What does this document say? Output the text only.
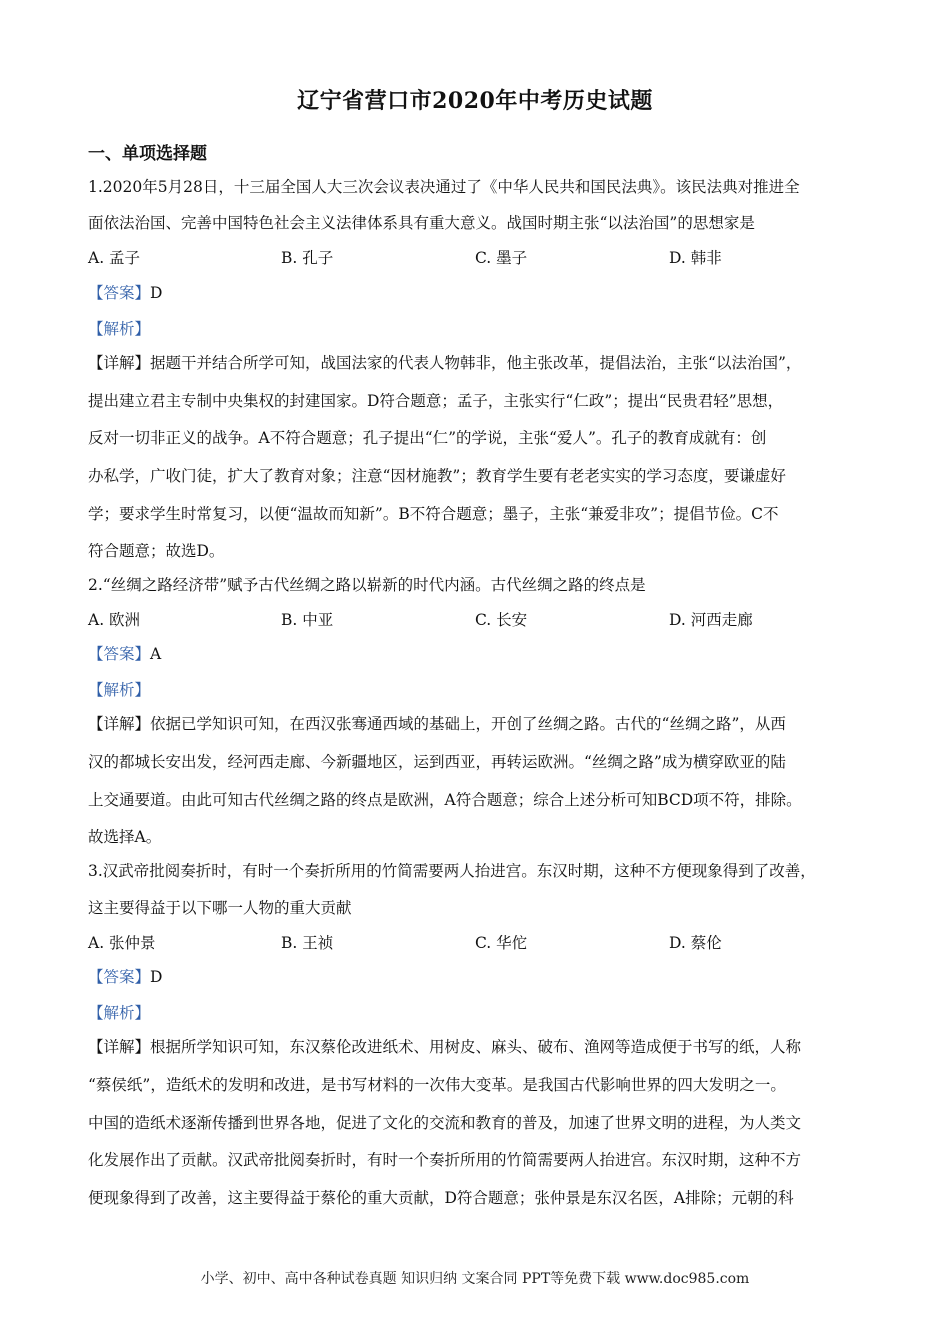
辽宁省营口市2020年中考历史试题
一、单项选择题
1.2020年5月28日，十三届全国人大三次会议表决通过了《中华人民共和国民法典》。该民法典对推进全
面依法治国、完善中国特色社会主义法律体系具有重大意义。战国时期主张“以法治国”的思想家是
A. 孟子	B. 孔子	C. 墨子	D. 韩非
【答案】D
【解析】
【详解】据题干并结合所学可知，战国法家的代表人物韩非，他主张改革，提倡法治，主张“以法治国”，
提出建立君主专制中央集权的封建国家。D符合题意；孟子，主张实行“仁政”；提出“民贵君轻”思想，
反对一切非正义的战争。A不符合题意；孔子提出“仁”的学说，主张“爱人”。孔子的教育成就有：创
办私学，广收门徒，扩大了教育对象；注意“因材施教”；教育学生要有老老实实的学习态度，要谦虚好
学；要求学生时常复习，以便“温故而知新”。B不符合题意；墨子，主张“兼爱非攻”；提倡节俭。C不
符合题意；故选D。
2.“丝绸之路经济带”赋予古代丝绸之路以崭新的时代内涵。古代丝绸之路的终点是
A. 欧洲	B. 中亚	C. 长安	D. 河西走廊
【答案】A
【解析】
【详解】依据已学知识可知，在西汉张骞通西域的基础上，开创了丝绸之路。古代的“丝绸之路”，从西
汉的都城长安出发，经河西走廊、今新疆地区，运到西亚，再转运欧洲。“丝绸之路”成为横穿欧亚的陆
上交通要道。由此可知古代丝绸之路的终点是欧洲，A符合题意；综合上述分析可知BCD项不符，排除。
故选择A。
3.汉武帝批阅奏折时，有时一个奏折所用的竹简需要两人抬进宫。东汉时期，这种不方便现象得到了改善，
这主要得益于以下哪一人物的重大贡献
A. 张仲景	B. 王祯	C. 华佗	D. 蔡伦
【答案】D
【解析】
【详解】根据所学知识可知，东汉蔡伦改进纸术、用树皮、麻头、破布、渔网等造成便于书写的纸，人称
“蔡侯纸”，造纸术的发明和改进，是书写材料的一次伟大变革。是我国古代影响世界的四大发明之一。
中国的造纸术逐渐传播到世界各地，促进了文化的交流和教育的普及，加速了世界文明的进程，为人类文
化发展作出了贡献。汉武帝批阅奏折时，有时一个奏折所用的竹简需要两人抬进宫。东汉时期，这种不方
便现象得到了改善，这主要得益于蔡伦的重大贡献，D符合题意；张仲景是东汉名医，A排除；元朝的科
小学、初中、高中各种试卷真题 知识归纳 文案合同 PPT等免费下载 www.doc985.com
